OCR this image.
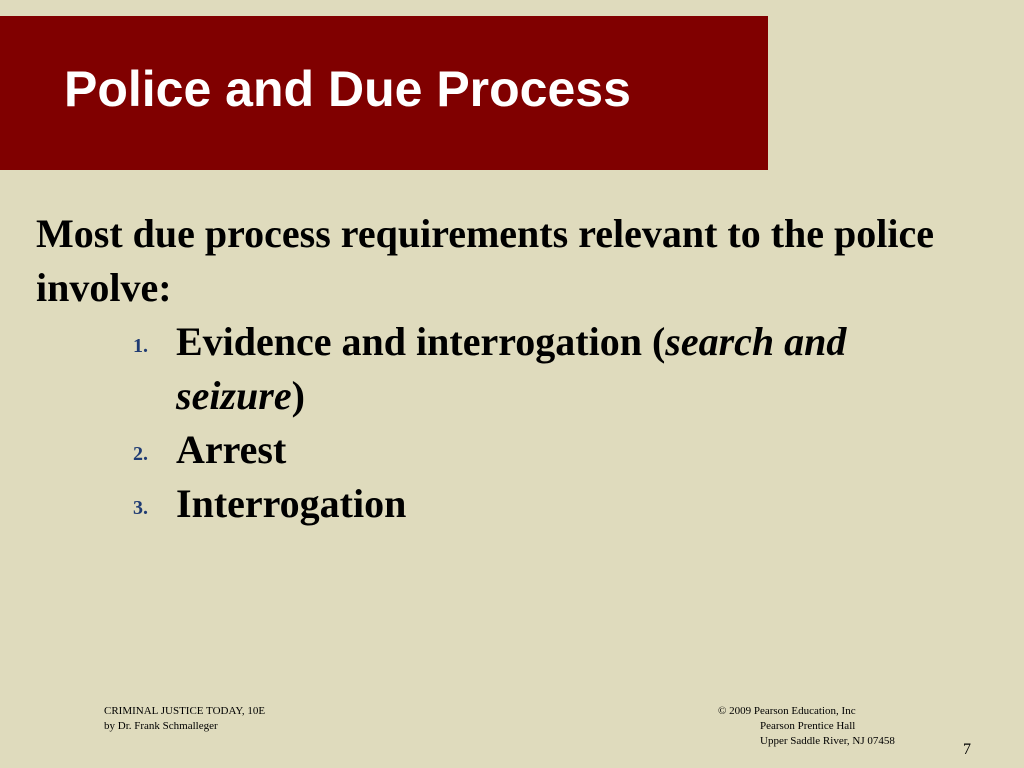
Police and Due Process
Most due process requirements relevant to the police involve:
1. Evidence and interrogation (search and seizure)
2. Arrest
3. Interrogation
CRIMINAL JUSTICE TODAY, 10E
by Dr. Frank Schmalleger
© 2009 Pearson Education, Inc
Pearson Prentice Hall
Upper Saddle River, NJ 07458	7
